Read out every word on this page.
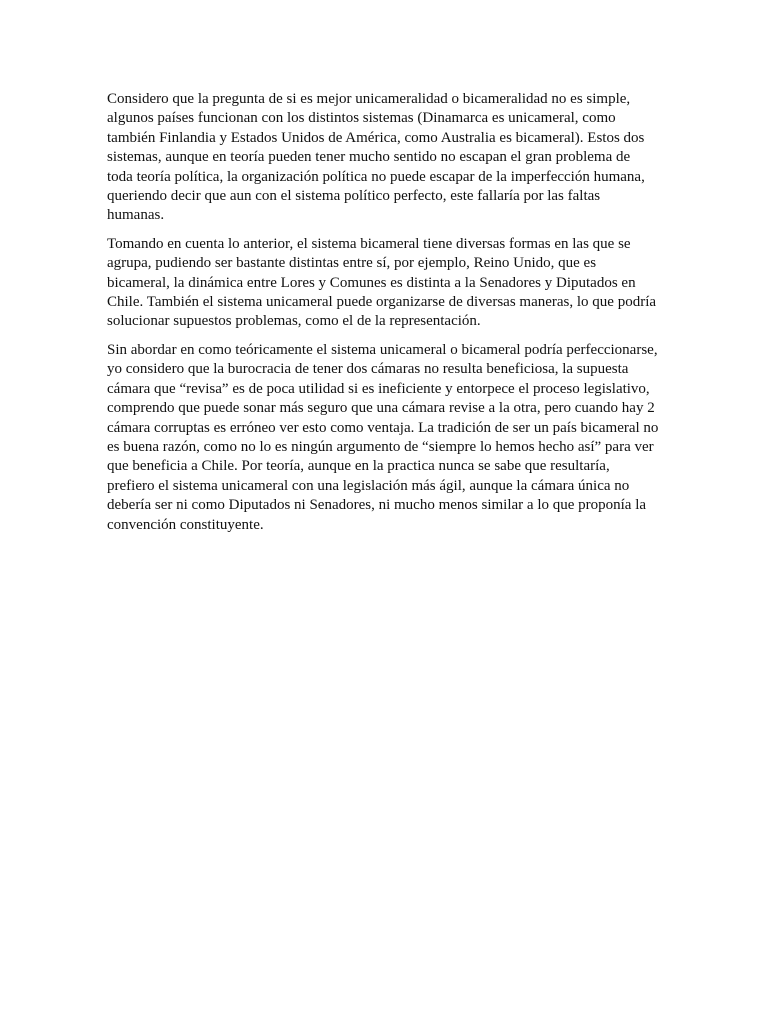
Considero que la pregunta de si es mejor unicameralidad o bicameralidad no es simple,
algunos países funcionan con los distintos sistemas (Dinamarca es unicameral, como
también Finlandia y Estados Unidos de América, como Australia es bicameral). Estos dos
sistemas, aunque en teoría pueden tener mucho sentido no escapan el gran problema de
toda teoría política, la organización política no puede escapar de la imperfección humana,
queriendo decir que aun con el sistema político perfecto, este fallaría por las faltas
humanas.

Tomando en cuenta lo anterior, el sistema bicameral tiene diversas formas en las que se
agrupa, pudiendo ser bastante distintas entre sí, por ejemplo, Reino Unido, que es
bicameral, la dinámica entre Lores y Comunes es distinta a la Senadores y Diputados en
Chile. También el sistema unicameral puede organizarse de diversas maneras, lo que podría
solucionar supuestos problemas, como el de la representación.

Sin abordar en como teóricamente el sistema unicameral o bicameral podría perfeccionarse,
yo considero que la burocracia de tener dos cámaras no resulta beneficiosa, la supuesta
cámara que “revisa” es de poca utilidad si es ineficiente y entorpece el proceso legislativo,
comprendo que puede sonar más seguro que una cámara revise a la otra, pero cuando hay 2
cámara corruptas es erróneo ver esto como ventaja. La tradición de ser un país bicameral no
es buena razón, como no lo es ningún argumento de “siempre lo hemos hecho así” para ver
que beneficia a Chile. Por teoría, aunque en la practica nunca se sabe que resultaría,
prefiero el sistema unicameral con una legislación más ágil, aunque la cámara única no
debería ser ni como Diputados ni Senadores, ni mucho menos similar a lo que proponía la
convención constituyente.
